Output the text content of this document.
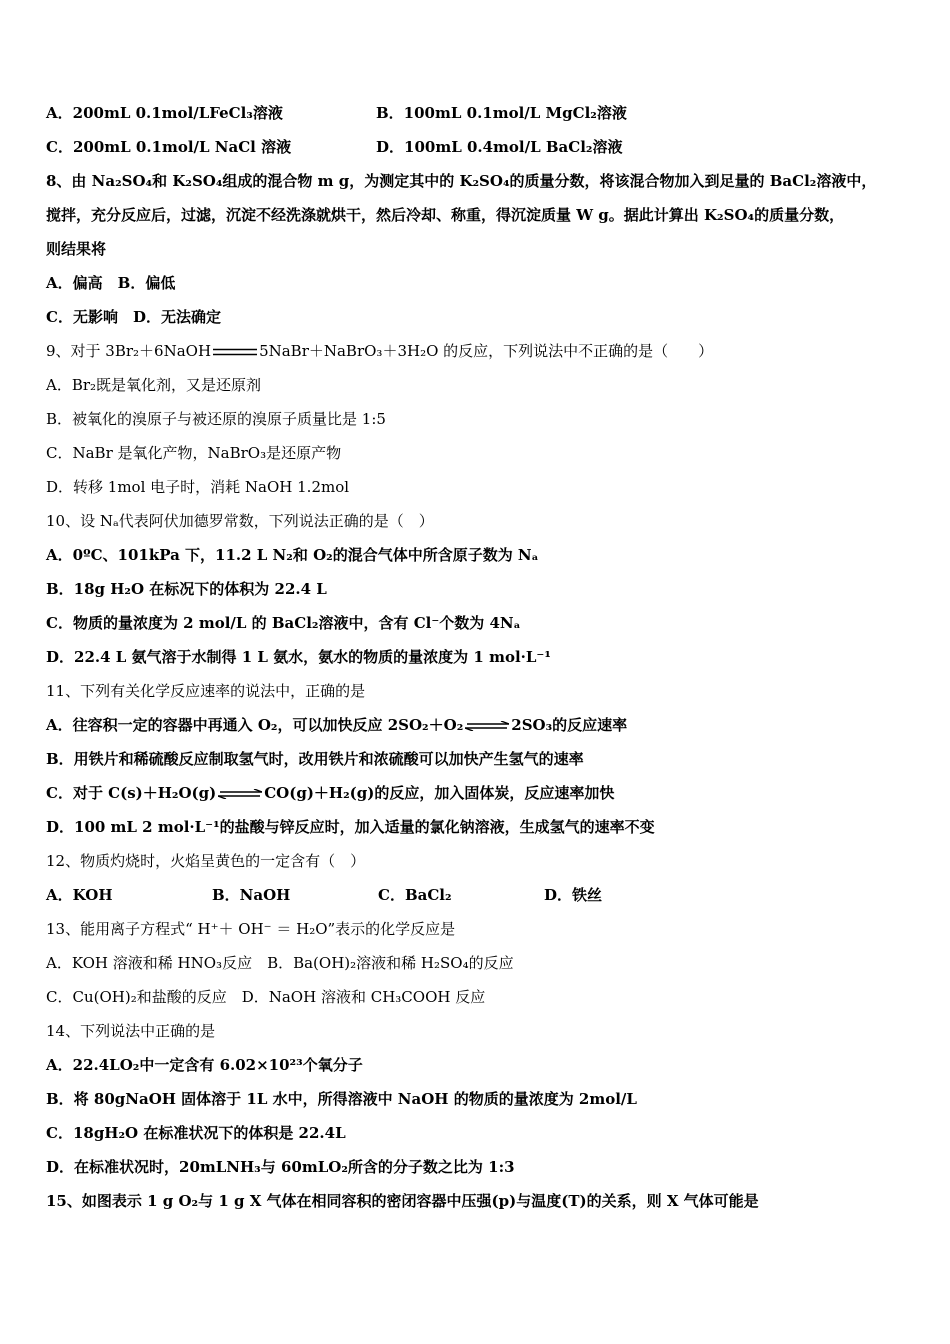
A．200mL 0.1mol/LFeCl₃溶液	B．100mL 0.1mol/L MgCl₂溶液
C．200mL 0.1mol/L NaCl 溶液	D．100mL 0.4mol/L BaCl₂溶液
8、由 Na₂SO₄和 K₂SO₄组成的混合物 m g，为测定其中的 K₂SO₄的质量分数，将该混合物加入到足量的 BaCl₂溶液中，
搅拌，充分反应后，过滤，沉淀不经洗涤就烘干，然后冷却、称重，得沉淀质量 W g。据此计算出 K₂SO₄的质量分数，
则结果将
A．偏高　B．偏低
C．无影响　D．无法确定
9、对于 3Br₂＋6NaOH	5NaBr＋NaBrO₃＋3H₂O 的反应，下列说法中不正确的是（　　）
A．Br₂既是氧化剂，又是还原剂
B．被氧化的溴原子与被还原的溴原子质量比是 1:5
C．NaBr 是氧化产物，NaBrO₃是还原产物
D．转移 1mol 电子时，消耗 NaOH 1.2mol
10、设 Nₐ代表阿伏加德罗常数，下列说法正确的是（　）
A．0ºC、101kPa 下，11.2 L N₂和 O₂的混合气体中所含原子数为 Nₐ
B．18g H₂O 在标况下的体积为 22.4 L
C．物质的量浓度为 2 mol/L 的 BaCl₂溶液中，含有 Cl⁻个数为 4Nₐ
D．22.4 L 氨气溶于水制得 1 L 氨水，氨水的物质的量浓度为 1 mol·L⁻¹
11、下列有关化学反应速率的说法中，正确的是
A．往容积一定的容器中再通入 O₂，可以加快反应 2SO₂＋O₂ ⇌ 2SO₃的反应速率
B．用铁片和稀硫酸反应制取氢气时，改用铁片和浓硫酸可以加快产生氢气的速率
C．对于 C(s)＋H₂O(g) ⇌ CO(g)＋H₂(g)的反应，加入固体炭，反应速率加快
D．100 mL 2 mol·L⁻¹的盐酸与锌反应时，加入适量的氯化钠溶液，生成氢气的速率不变
12、物质灼烧时，火焰呈黄色的一定含有（　）
A．KOH	B．NaOH	C．BaCl₂	D．铁丝
13、能用离子方程式“ H⁺＋ OH⁻ ＝ H₂O”表示的化学反应是
A．KOH 溶液和稀 HNO₃反应　B．Ba(OH)₂溶液和稀 H₂SO₄的反应
C．Cu(OH)₂和盐酸的反应　D．NaOH 溶液和 CH₃COOH 反应
14、下列说法中正确的是
A．22.4LO₂中一定含有 6.02×10²³个氧分子
B．将 80gNaOH 固体溶于 1L 水中，所得溶液中 NaOH 的物质的量浓度为 2mol/L
C．18gH₂O 在标准状况下的体积是 22.4L
D．在标准状况时，20mLNH₃与 60mLO₂所含的分子数之比为 1:3
15、如图表示 1 g O₂与 1 g X 气体在相同容积的密闭容器中压强(p)与温度(T)的关系，则 X 气体可能是
